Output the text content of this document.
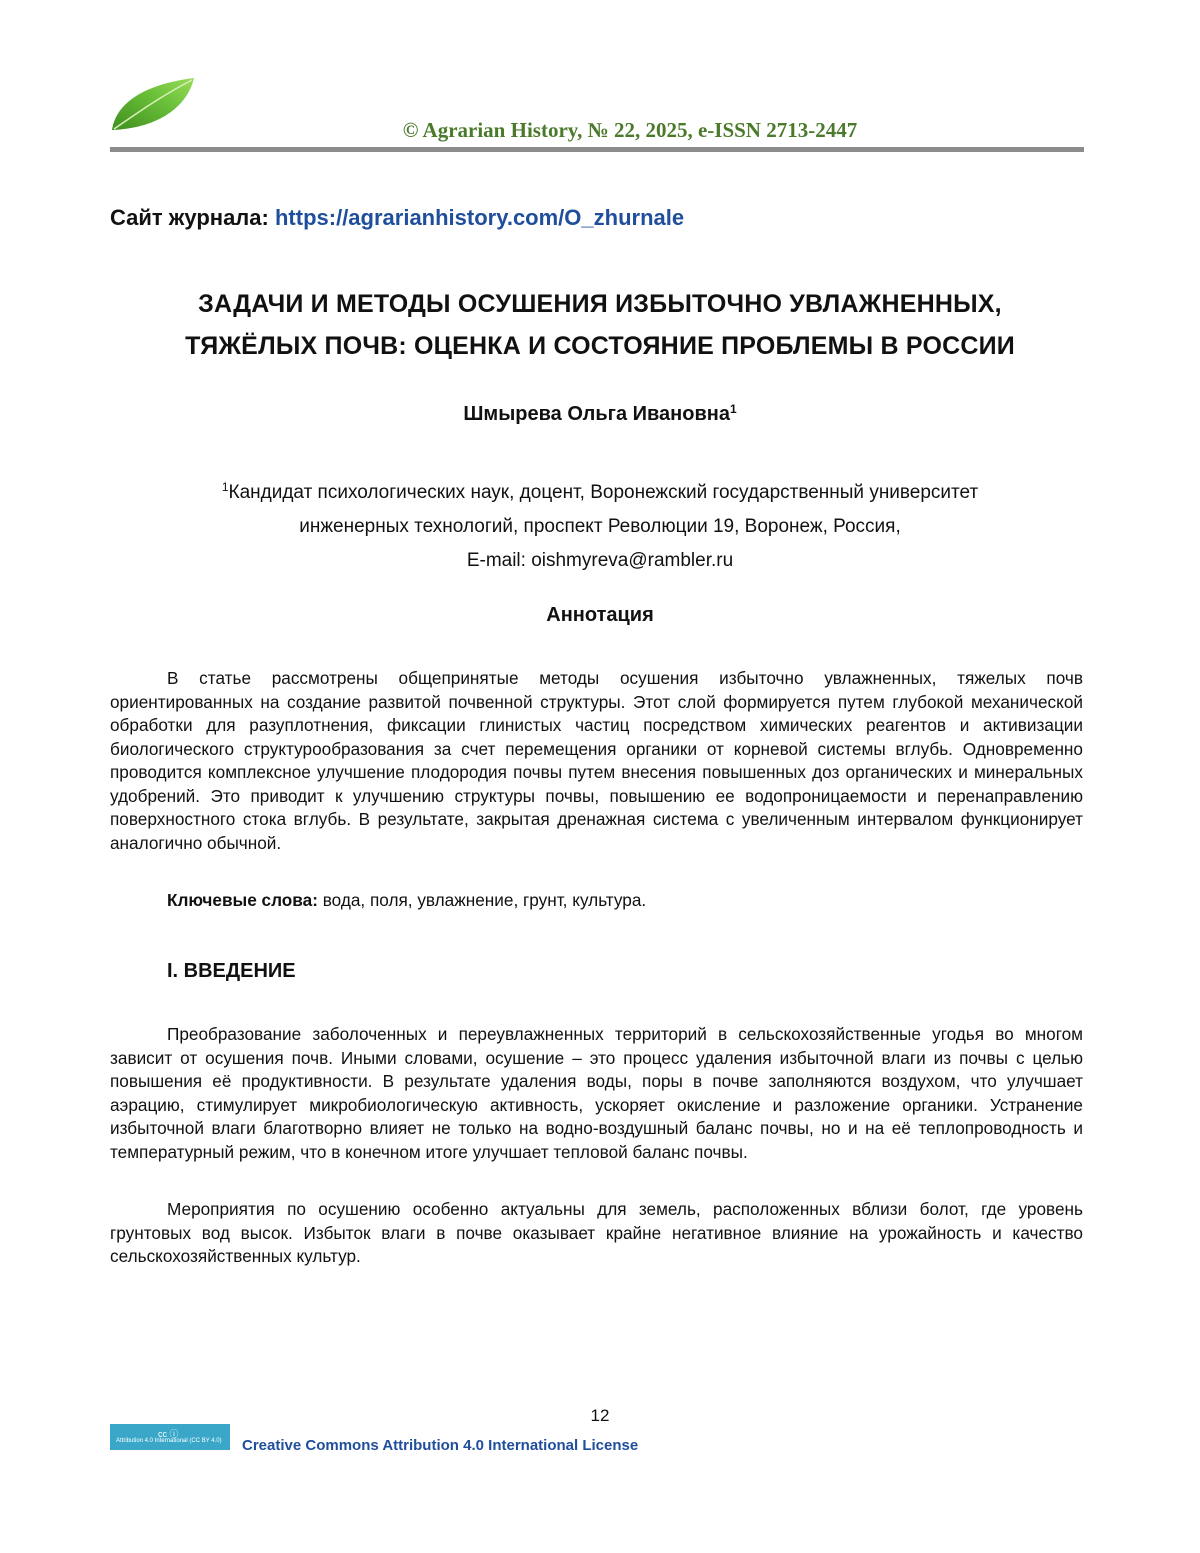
© Agrarian History, № 22, 2025, e-ISSN 2713-2447
Сайт журнала: https://agrarianhistory.com/O_zhurnale
ЗАДАЧИ И МЕТОДЫ ОСУШЕНИЯ ИЗБЫТОЧНО УВЛАЖНЕННЫХ,
ТЯЖЁЛЫХ ПОЧВ: ОЦЕНКА И СОСТОЯНИЕ ПРОБЛЕМЫ В РОССИИ
Шмырева Ольга Ивановна$^1$
$^1$Кандидат психологических наук, доцент, Воронежский государственный университет
инженерных технологий, проспект Революции 19, Воронеж, Россия,
E-mail: oishmyreva@rambler.ru
Аннотация

В статье рассмотрены общепринятые методы осушения избыточно увлажненных, тяжелых почв ориентированных на создание развитой почвенной структуры. Этот слой формируется путем глубокой механической обработки для разуплотнения, фиксации глинистых частиц посредством химических реагентов и активизации биологического структурообразования за счет перемещения органики от корневой системы вглубь. Одновременно проводится комплексное улучшение плодородия почвы путем внесения повышенных доз органических и минеральных удобрений. Это приводит к улучшению структуры почвы, повышению ее водопроницаемости и перенаправлению поверхностного стока вглубь. В результате, закрытая дренажная система с увеличенным интервалом функционирует аналогично обычной.

Ключевые слова: вода, поля, увлажнение, грунт, культура.
I. ВВЕДЕНИЕ

Преобразование заболоченных и переувлажненных территорий в сельскохозяйственные угодья во многом зависит от осушения почв. Иными словами, осушение – это процесс удаления избыточной влаги из почвы с целью повышения её продуктивности. В результате удаления воды, поры в почве заполняются воздухом, что улучшает аэрацию, стимулирует микробиологическую активность, ускоряет окисление и разложение органики. Устранение избыточной влаги благотворно влияет не только на водно-воздушный баланс почвы, но и на её теплопроводность и температурный режим, что в конечном итоге улучшает тепловой баланс почвы.

Мероприятия по осушению особенно актуальны для земель, расположенных вблизи болот, где уровень грунтовых вод высок. Избыток влаги в почве оказывает крайне негативное влияние на урожайность и качество сельскохозяйственных культур.

12
cc ⓘ
Attribution 4.0 International (CC BY 4.0) Creative Commons Attribution 4.0 International License
